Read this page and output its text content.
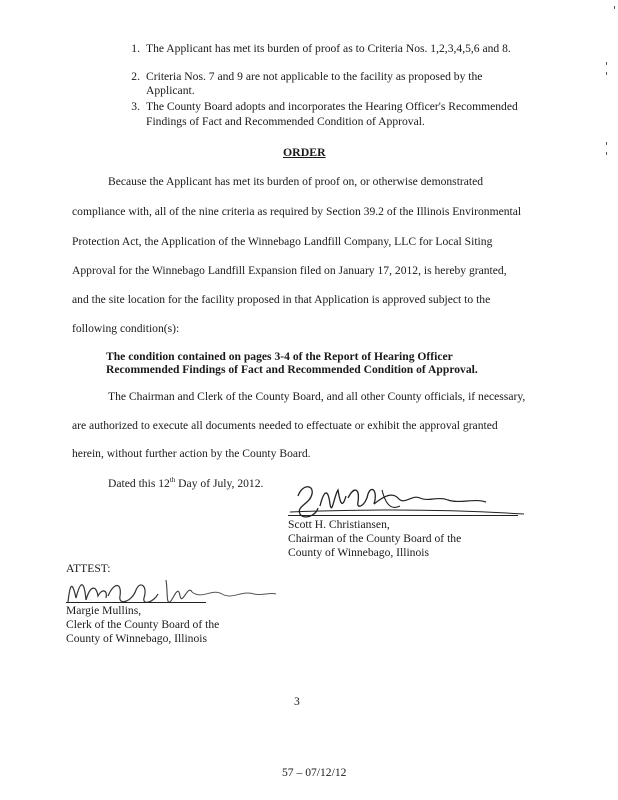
1. The Applicant has met its burden of proof as to Criteria Nos. 1,2,3,4,5,6 and 8.
2. Criteria Nos. 7 and 9 are not applicable to the facility as proposed by the
Applicant.
3. The County Board adopts and incorporates the Hearing Officer's Recommended
Findings of Fact and Recommended Condition of Approval.
ORDER
Because the Applicant has met its burden of proof on, or otherwise demonstrated
compliance with, all of the nine criteria as required by Section 39.2 of the Illinois Environmental
Protection Act, the Application of the Winnebago Landfill Company, LLC for Local Siting
Approval for the Winnebago Landfill Expansion filed on January 17, 2012, is hereby granted,
and the site location for the facility proposed in that Application is approved subject to the
following condition(s):
The condition contained on pages 3-4 of the Report of Hearing Officer
Recommended Findings of Fact and Recommended Condition of Approval.
The Chairman and Clerk of the County Board, and all other County officials, if necessary,
are authorized to execute all documents needed to effectuate or exhibit the approval granted
herein, without further action by the County Board.
Dated this 12th Day of July, 2012.
Scott H. Christiansen,
Chairman of the County Board of the
County of Winnebago, Illinois
ATTEST:
Margie Mullins,
Clerk of the County Board of the
County of Winnebago, Illinois
3
57 – 07/12/12
